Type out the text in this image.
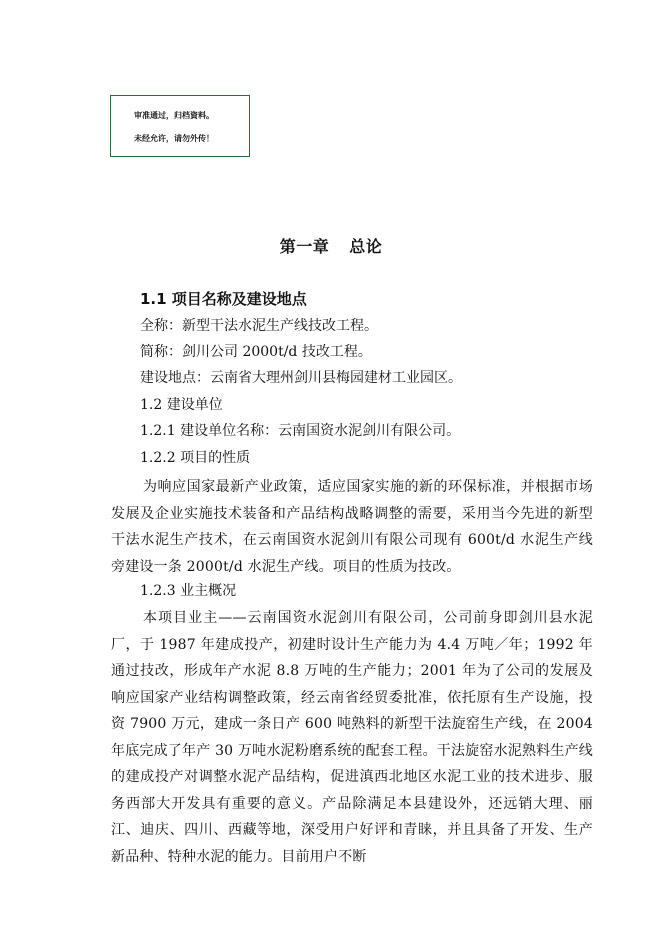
审准通过，归档資料。
未经允许，请勿外传！
第一章 总论
1.1 项目名称及建设地点
全称：新型干法水泥生产线技改工程。
简称：剑川公司 2000t/d 技改工程。
建设地点：云南省大理州剑川县梅园建材工业园区。
1.2 建设单位
1.2.1 建设单位名称：云南国资水泥剑川有限公司。
1.2.2 项目的性质
为响应国家最新产业政策，适应国家实施的新的环保标准，并根据市场发展及企业实施技术装备和产品结构战略调整的需要，采用当今先进的新型干法水泥生产技术，在云南国资水泥剑川有限公司现有 600t/d 水泥生产线旁建设一条 2000t/d 水泥生产线。项目的性质为技改。
1.2.3 业主概况
本项目业主——云南国资水泥剑川有限公司，公司前身即剑川县水泥厂，于 1987 年建成投产，初建时设计生产能力为 4.4 万吨／年；1992 年通过技改，形成年产水泥 8.8 万吨的生产能力；2001 年为了公司的发展及响应国家产业结构调整政策，经云南省经贸委批准，依托原有生产设施，投资 7900 万元，建成一条日产 600 吨熟料的新型干法旋窑生产线，在 2004 年底完成了年产 30 万吨水泥粉磨系统的配套工程。干法旋窑水泥熟料生产线的建成投产对调整水泥产品结构，促进滇西北地区水泥工业的技术进步、服务西部大开发具有重要的意义。产品除满足本县建设外，还远销大理、丽江、迪庆、四川、西藏等地，深受用户好评和青睐，并且具备了开发、生产新品种、特种水泥的能力。目前用户不断
